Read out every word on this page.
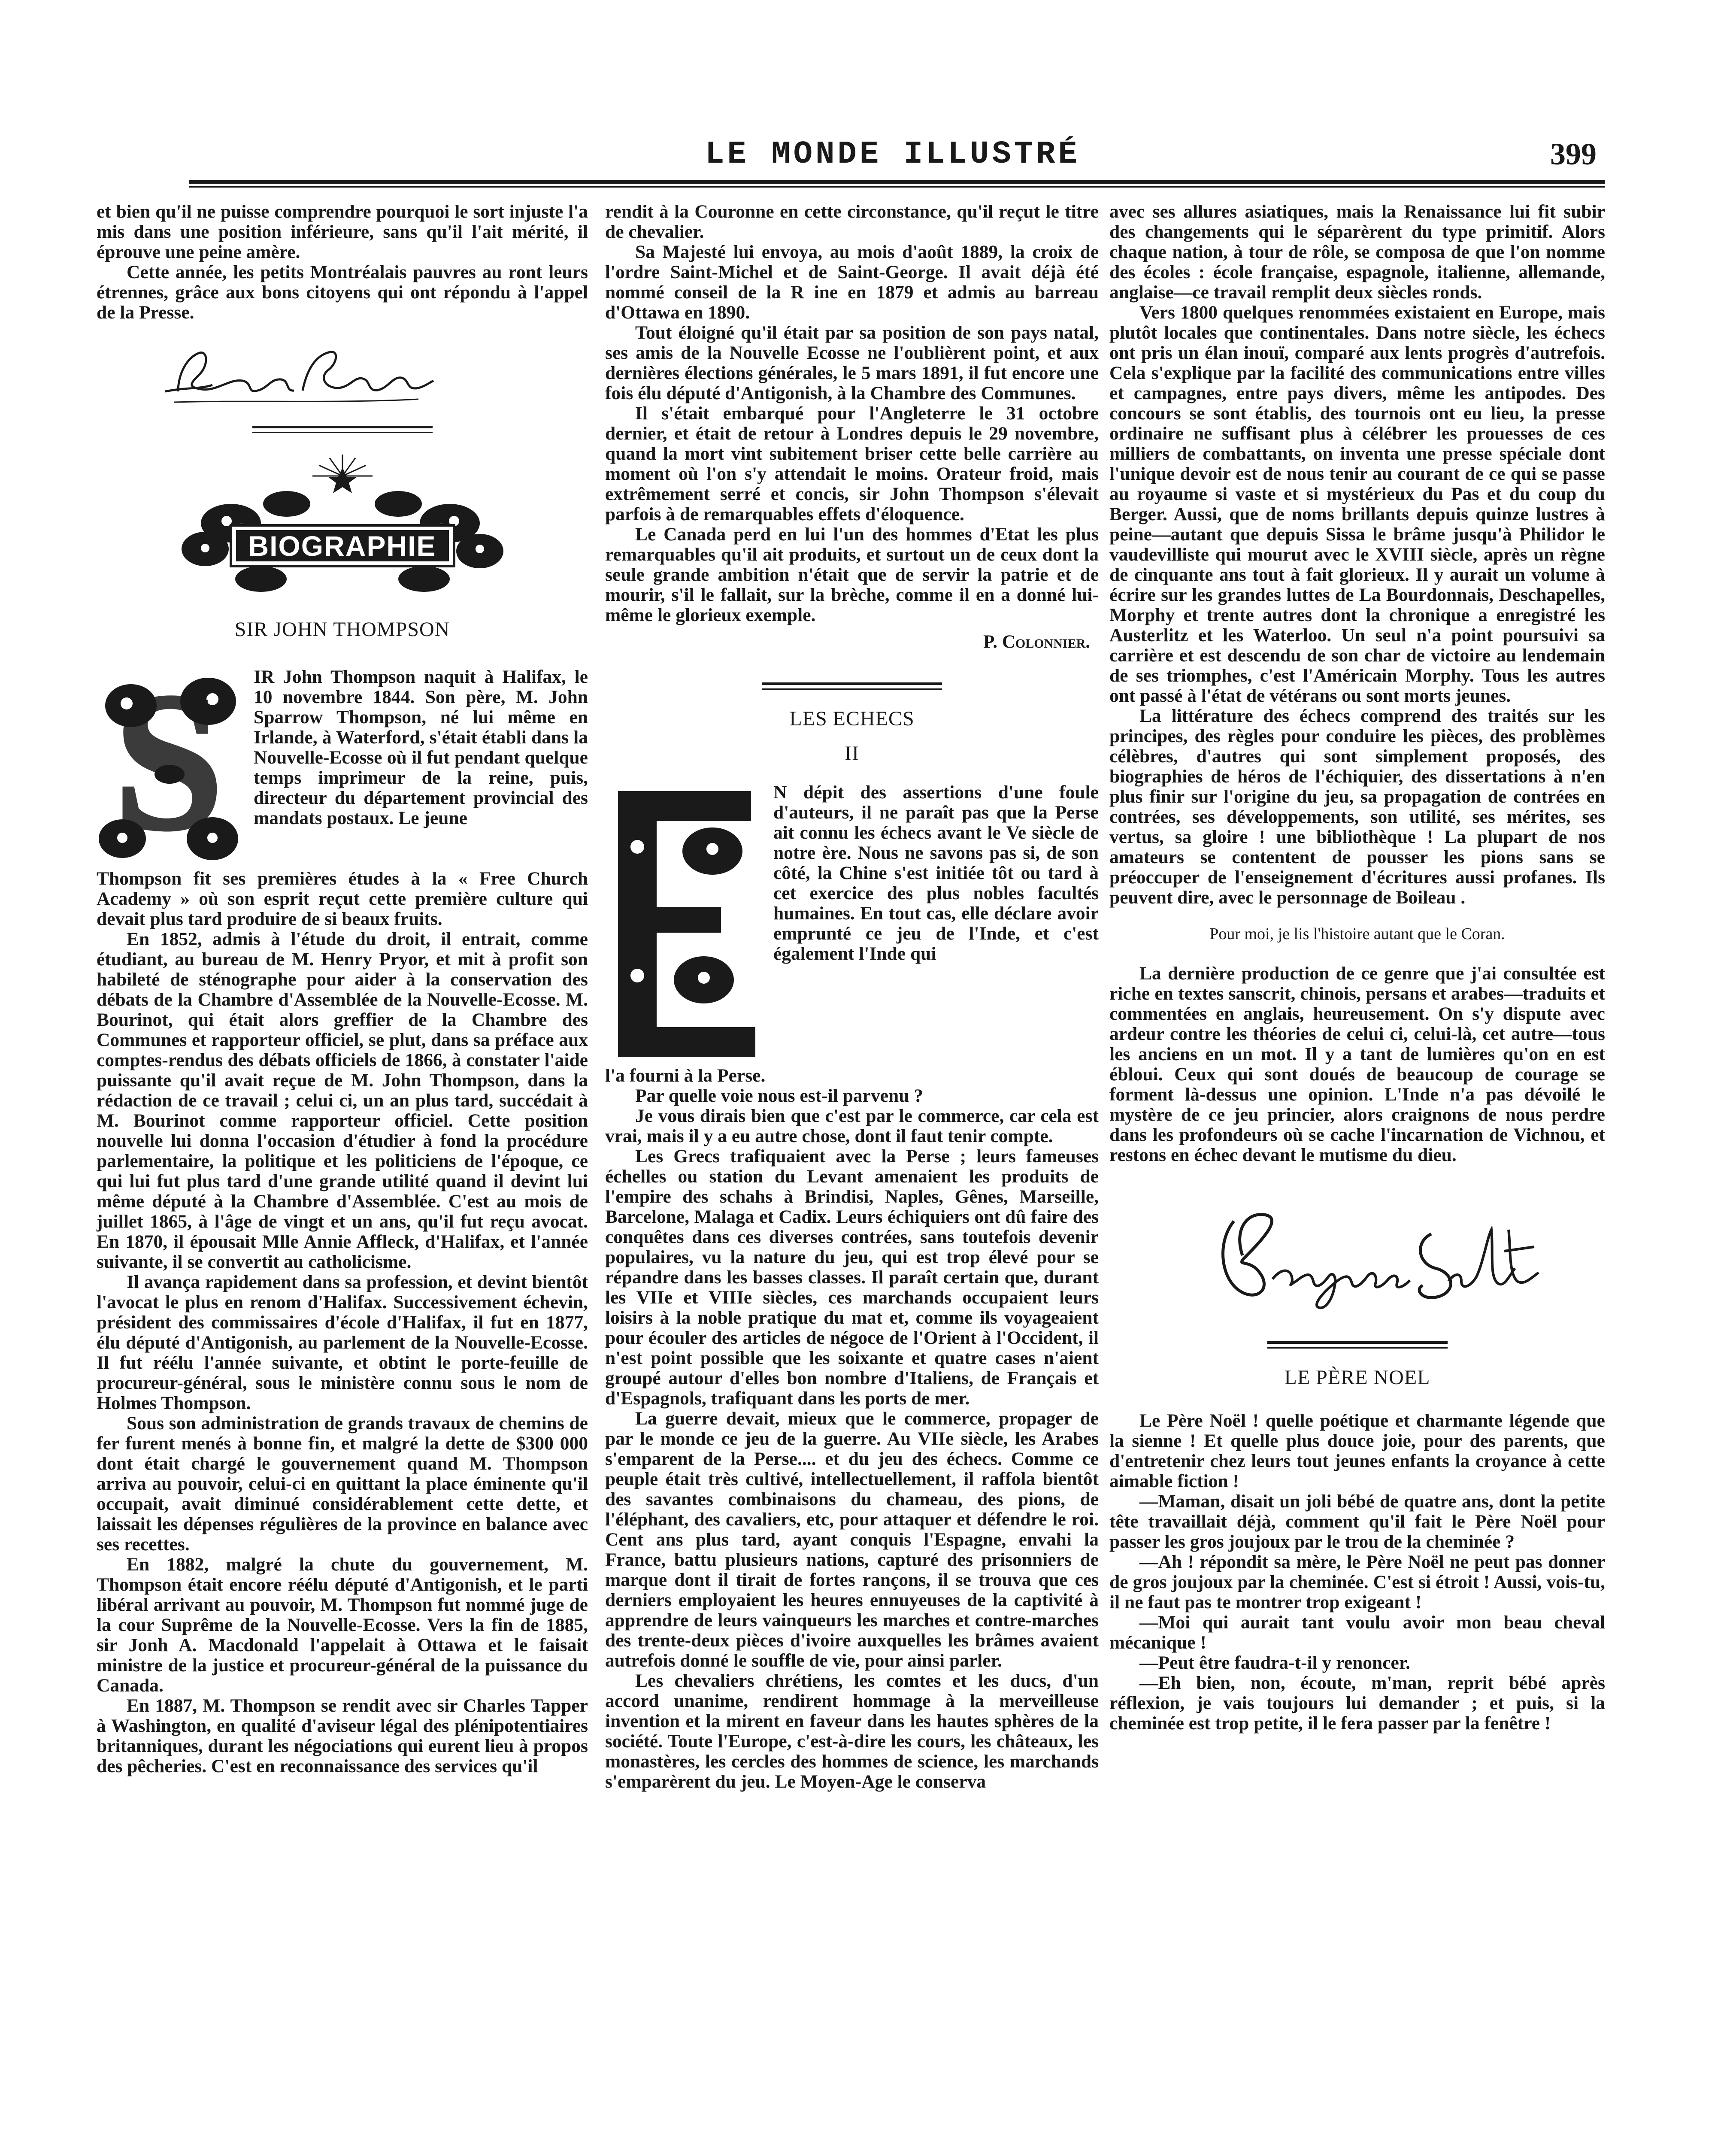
LE MONDE ILLUSTRÉ	399

et bien qu'il ne puisse comprendre pourquoi le sort injuste l'a mis dans une position inférieure, sans qu'il l'ait mérité, il éprouve une peine amère.

Cette année, les petits Montréalais pauvres au ront leurs étrennes, grâce aux bons citoyens qui ont répondu à l'appel de la Presse.

BIOGRAPHIE
SIR JOHN THOMPSON
S IR John Thompson naquit à Halifax, le 10 novembre 1844. Son père, M. John Sparrow Thompson, né lui même en Irlande, à Waterford, s'était établi dans la Nouvelle-Ecosse où il fut pendant quelque temps imprimeur de la reine, puis, directeur du département provincial des mandats postaux. Le jeune

Thompson fit ses premières études à la « Free Church Academy » où son esprit reçut cette première culture qui devait plus tard produire de si beaux fruits.

En 1852, admis à l'étude du droit, il entrait, comme étudiant, au bureau de M. Henry Pryor, et mit à profit son habileté de sténographe pour aider à la conservation des débats de la Chambre d'Assemblée de la Nouvelle-Ecosse. M. Bourinot, qui était alors greffier de la Chambre des Communes et rapporteur officiel, se plut, dans sa préface aux comptes-rendus des débats officiels de 1866, à constater l'aide puissante qu'il avait reçue de M. John Thompson, dans la rédaction de ce travail ; celui ci, un an plus tard, succédait à M. Bourinot comme rapporteur officiel. Cette position nouvelle lui donna l'occasion d'étudier à fond la procédure parlementaire, la politique et les politiciens de l'époque, ce qui lui fut plus tard d'une grande utilité quand il devint lui même député à la Chambre d'Assemblée. C'est au mois de juillet 1865, à l'âge de vingt et un ans, qu'il fut reçu avocat. En 1870, il épousait Mlle Annie Affleck, d'Halifax, et l'année suivante, il se convertit au catholicisme.

Il avança rapidement dans sa profession, et devint bientôt l'avocat le plus en renom d'Halifax. Successivement échevin, président des commissaires d'école d'Halifax, il fut en 1877, élu député d'Antigonish, au parlement de la Nouvelle-Ecosse. Il fut réélu l'année suivante, et obtint le porte-feuille de procureur-général, sous le ministère connu sous le nom de Holmes Thompson.

Sous son administration de grands travaux de chemins de fer furent menés à bonne fin, et malgré la dette de $300 000 dont était chargé le gouvernement quand M. Thompson arriva au pouvoir, celui-ci en quittant la place éminente qu'il occupait, avait diminué considérablement cette dette, et laissait les dépenses régulières de la province en balance avec ses recettes.

En 1882, malgré la chute du gouvernement, M. Thompson était encore réélu député d'Antigonish, et le parti libéral arrivant au pouvoir, M. Thompson fut nommé juge de la cour Suprême de la Nouvelle-Ecosse. Vers la fin de 1885, sir Jonh A. Macdonald l'appelait à Ottawa et le faisait ministre de la justice et procureur-général de la puissance du Canada.

En 1887, M. Thompson se rendit avec sir Charles Tapper à Washington, en qualité d'aviseur légal des plénipotentiaires britanniques, durant les négociations qui eurent lieu à propos des pêcheries. C'est en reconnaissance des services qu'il

rendit à la Couronne en cette circonstance, qu'il reçut le titre de chevalier.

Sa Majesté lui envoya, au mois d'août 1889, la croix de l'ordre Saint-Michel et de Saint-George. Il avait déjà été nommé conseil de la R ine en 1879 et admis au barreau d'Ottawa en 1890.

Tout éloigné qu'il était par sa position de son pays natal, ses amis de la Nouvelle Ecosse ne l'oublièrent point, et aux dernières élections générales, le 5 mars 1891, il fut encore une fois élu député d'Antigonish, à la Chambre des Communes.

Il s'était embarqué pour l'Angleterre le 31 octobre dernier, et était de retour à Londres depuis le 29 novembre, quand la mort vint subitement briser cette belle carrière au moment où l'on s'y attendait le moins. Orateur froid, mais extrêmement serré et concis, sir John Thompson s'élevait parfois à de remarquables effets d'éloquence.

Le Canada perd en lui l'un des hommes d'Etat les plus remarquables qu'il ait produits, et surtout un de ceux dont la seule grande ambition n'était que de servir la patrie et de mourir, s'il le fallait, sur la brèche, comme il en a donné lui-même le glorieux exemple.

P. Colonnier.
LES ECHECS
II

N dépit des assertions d'une foule d'auteurs, il ne paraît pas que la Perse ait connu les échecs avant le Ve siècle de notre ère. Nous ne savons pas si, de son côté, la Chine s'est initiée tôt ou tard à cet exercice des plus nobles facultés humaines. En tout cas, elle déclare avoir emprunté ce jeu de l'Inde, et c'est également l'Inde qui

l'a fourni à la Perse.

Par quelle voie nous est-il parvenu ?

Je vous dirais bien que c'est par le commerce, car cela est vrai, mais il y a eu autre chose, dont il faut tenir compte.

Les Grecs trafiquaient avec la Perse ; leurs fameuses échelles ou station du Levant amenaient les produits de l'empire des schahs à Brindisi, Naples, Gênes, Marseille, Barcelone, Malaga et Cadix. Leurs échiquiers ont dû faire des conquêtes dans ces diverses contrées, sans toutefois devenir populaires, vu la nature du jeu, qui est trop élevé pour se répandre dans les basses classes. Il paraît certain que, durant les VIIe et VIIIe siècles, ces marchands occupaient leurs loisirs à la noble pratique du mat et, comme ils voyageaient pour écouler des articles de négoce de l'Orient à l'Occident, il n'est point possible que les soixante et quatre cases n'aient groupé autour d'elles bon nombre d'Italiens, de Français et d'Espagnols, trafiquant dans les ports de mer.

La guerre devait, mieux que le commerce, propager de par le monde ce jeu de la guerre. Au VIIe siècle, les Arabes s'emparent de la Perse.... et du jeu des échecs. Comme ce peuple était très cultivé, intellectuellement, il raffola bientôt des savantes combinaisons du chameau, des pions, de l'éléphant, des cavaliers, etc, pour attaquer et défendre le roi. Cent ans plus tard, ayant conquis l'Espagne, envahi la France, battu plusieurs nations, capturé des prisonniers de marque dont il tirait de fortes rançons, il se trouva que ces derniers employaient les heures ennuyeuses de la captivité à apprendre de leurs vainqueurs les marches et contre-marches des trente-deux pièces d'ivoire auxquelles les brâmes avaient autrefois donné le souffle de vie, pour ainsi parler.

Les chevaliers chrétiens, les comtes et les ducs, d'un accord unanime, rendirent hommage à la merveilleuse invention et la mirent en faveur dans les hautes sphères de la société. Toute l'Europe, c'est-à-dire les cours, les châteaux, les monastères, les cercles des hommes de science, les marchands s'emparèrent du jeu. Le Moyen-Age le conserva

avec ses allures asiatiques, mais la Renaissance lui fit subir des changements qui le séparèrent du type primitif. Alors chaque nation, à tour de rôle, se composa de que l'on nomme des écoles : école française, espagnole, italienne, allemande, anglaise—ce travail remplit deux siècles ronds.

Vers 1800 quelques renommées existaient en Europe, mais plutôt locales que continentales. Dans notre siècle, les échecs ont pris un élan inouï, comparé aux lents progrès d'autrefois. Cela s'explique par la facilité des communications entre villes et campagnes, entre pays divers, même les antipodes. Des concours se sont établis, des tournois ont eu lieu, la presse ordinaire ne suffisant plus à célébrer les prouesses de ces milliers de combattants, on inventa une presse spéciale dont l'unique devoir est de nous tenir au courant de ce qui se passe au royaume si vaste et si mystérieux du Pas et du coup du Berger. Aussi, que de noms brillants depuis quinze lustres à peine—autant que depuis Sissa le brâme jusqu'à Philidor le vaudevilliste qui mourut avec le XVIII siècle, après un règne de cinquante ans tout à fait glorieux. Il y aurait un volume à écrire sur les grandes luttes de La Bourdonnais, Deschapelles, Morphy et trente autres dont la chronique a enregistré les Austerlitz et les Waterloo. Un seul n'a point poursuivi sa carrière et est descendu de son char de victoire au lendemain de ses triomphes, c'est l'Américain Morphy. Tous les autres ont passé à l'état de vétérans ou sont morts jeunes.

La littérature des échecs comprend des traités sur les principes, des règles pour conduire les pièces, des problèmes célèbres, d'autres qui sont simplement proposés, des biographies de héros de l'échiquier, des dissertations à n'en plus finir sur l'origine du jeu, sa propagation de contrées en contrées, ses développements, son utilité, ses mérites, ses vertus, sa gloire ! une bibliothèque ! La plupart de nos amateurs se contentent de pousser les pions sans se préoccuper de l'enseignement d'écritures aussi profanes. Ils peuvent dire, avec le personnage de Boileau .

Pour moi, je lis l'histoire autant que le Coran.

La dernière production de ce genre que j'ai consultée est riche en textes sanscrit, chinois, persans et arabes—traduits et commentées en anglais, heureusement. On s'y dispute avec ardeur contre les théories de celui ci, celui-là, cet autre—tous les anciens en un mot. Il y a tant de lumières qu'on en est ébloui. Ceux qui sont doués de beaucoup de courage se forment là-dessus une opinion. L'Inde n'a pas dévoilé le mystère de ce jeu princier, alors craignons de nous perdre dans les profondeurs où se cache l'incarnation de Vichnou, et restons en échec devant le mutisme du dieu.

LE PÈRE NOEL

Le Père Noël ! quelle poétique et charmante légende que la sienne ! Et quelle plus douce joie, pour des parents, que d'entretenir chez leurs tout jeunes enfants la croyance à cette aimable fiction !

—Maman, disait un joli bébé de quatre ans, dont la petite tête travaillait déjà, comment qu'il fait le Père Noël pour passer les gros joujoux par le trou de la cheminée ?

—Ah ! répondit sa mère, le Père Noël ne peut pas donner de gros joujoux par la cheminée. C'est si étroit ! Aussi, vois-tu, il ne faut pas te montrer trop exigeant !

—Moi qui aurait tant voulu avoir mon beau cheval mécanique !

—Peut être faudra-t-il y renoncer.

—Eh bien, non, écoute, m'man, reprit bébé après réflexion, je vais toujours lui demander ; et puis, si la cheminée est trop petite, il le fera passer par la fenêtre !
